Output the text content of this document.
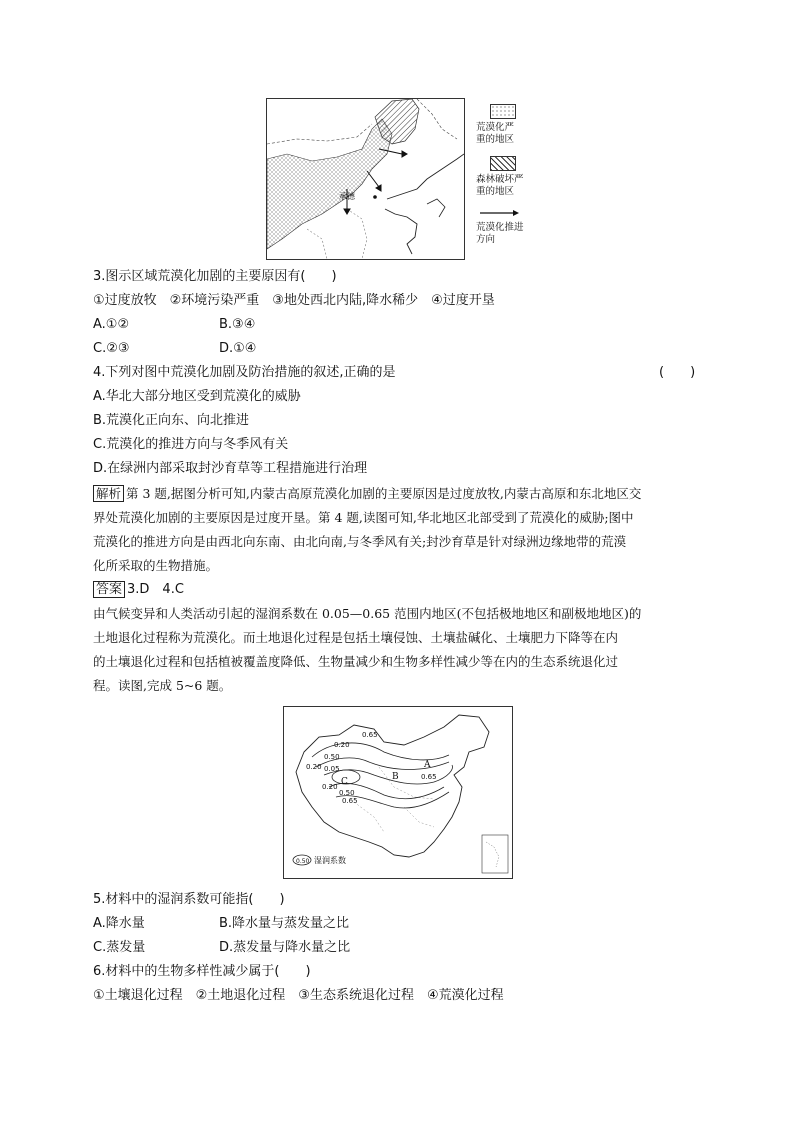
承德
荒漠化严
重的地区
森林破坏严
重的地区
荒漠化推进
方向
3.图示区域荒漠化加剧的主要原因有(　　)
①过度放牧　②环境污染严重　③地处西北内陆,降水稀少　④过度开垦
A.①②	B.③④
C.②③	D.①④
4.下列对图中荒漠化加剧及防治措施的叙述,正确的是	(　　)
A.华北大部分地区受到荒漠化的威胁
B.荒漠化正向东、向北推进
C.荒漠化的推进方向与冬季风有关
D.在绿洲内部采取封沙育草等工程措施进行治理
解析 第 3 题,据图分析可知,内蒙古高原荒漠化加剧的主要原因是过度放牧,内蒙古高原和东北地区交
界处荒漠化加剧的主要原因是过度开垦。第 4 题,读图可知,华北地区北部受到了荒漠化的威胁;图中
荒漠化的推进方向是由西北向东南、由北向南,与冬季风有关;封沙育草是针对绿洲边缘地带的荒漠
化所采取的生物措施。
答案 3.D　4.C
由气候变异和人类活动引起的湿润系数在 0.05—0.65 范围内地区(不包括极地地区和副极地地区)的
土地退化过程称为荒漠化。而土地退化过程是包括土壤侵蚀、土壤盐碱化、土壤肥力下降等在内
的土壤退化过程和包括植被覆盖度降低、生物量减少和生物多样性减少等在内的生态系统退化过
程。读图,完成 5~6 题。
0.65
0.20
0.50
0.20 0.05
0.20
0.50
0.65
0.65
C	B
A
0.50 湿润系数
5.材料中的湿润系数可能指(　　)
A.降水量	B.降水量与蒸发量之比
C.蒸发量	D.蒸发量与降水量之比
6.材料中的生物多样性减少属于(　　)
①土壤退化过程　②土地退化过程　③生态系统退化过程　④荒漠化过程
